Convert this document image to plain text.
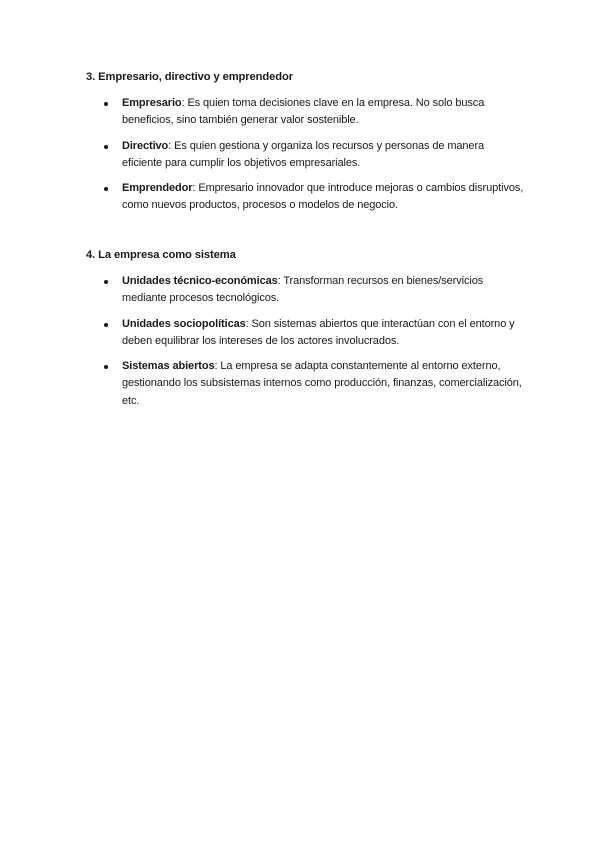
3. Empresario, directivo y emprendedor
Empresario: Es quien toma decisiones clave en la empresa. No solo busca beneficios, sino también generar valor sostenible.
Directivo: Es quien gestiona y organiza los recursos y personas de manera eficiente para cumplir los objetivos empresariales.
Emprendedor: Empresario innovador que introduce mejoras o cambios disruptivos, como nuevos productos, procesos o modelos de negocio.
4. La empresa como sistema
Unidades técnico-económicas: Transforman recursos en bienes/servicios mediante procesos tecnológicos.
Unidades sociopolíticas: Son sistemas abiertos que interactúan con el entorno y deben equilibrar los intereses de los actores involucrados.
Sistemas abiertos: La empresa se adapta constantemente al entorno externo, gestionando los subsistemas internos como producción, finanzas, comercialización, etc.
